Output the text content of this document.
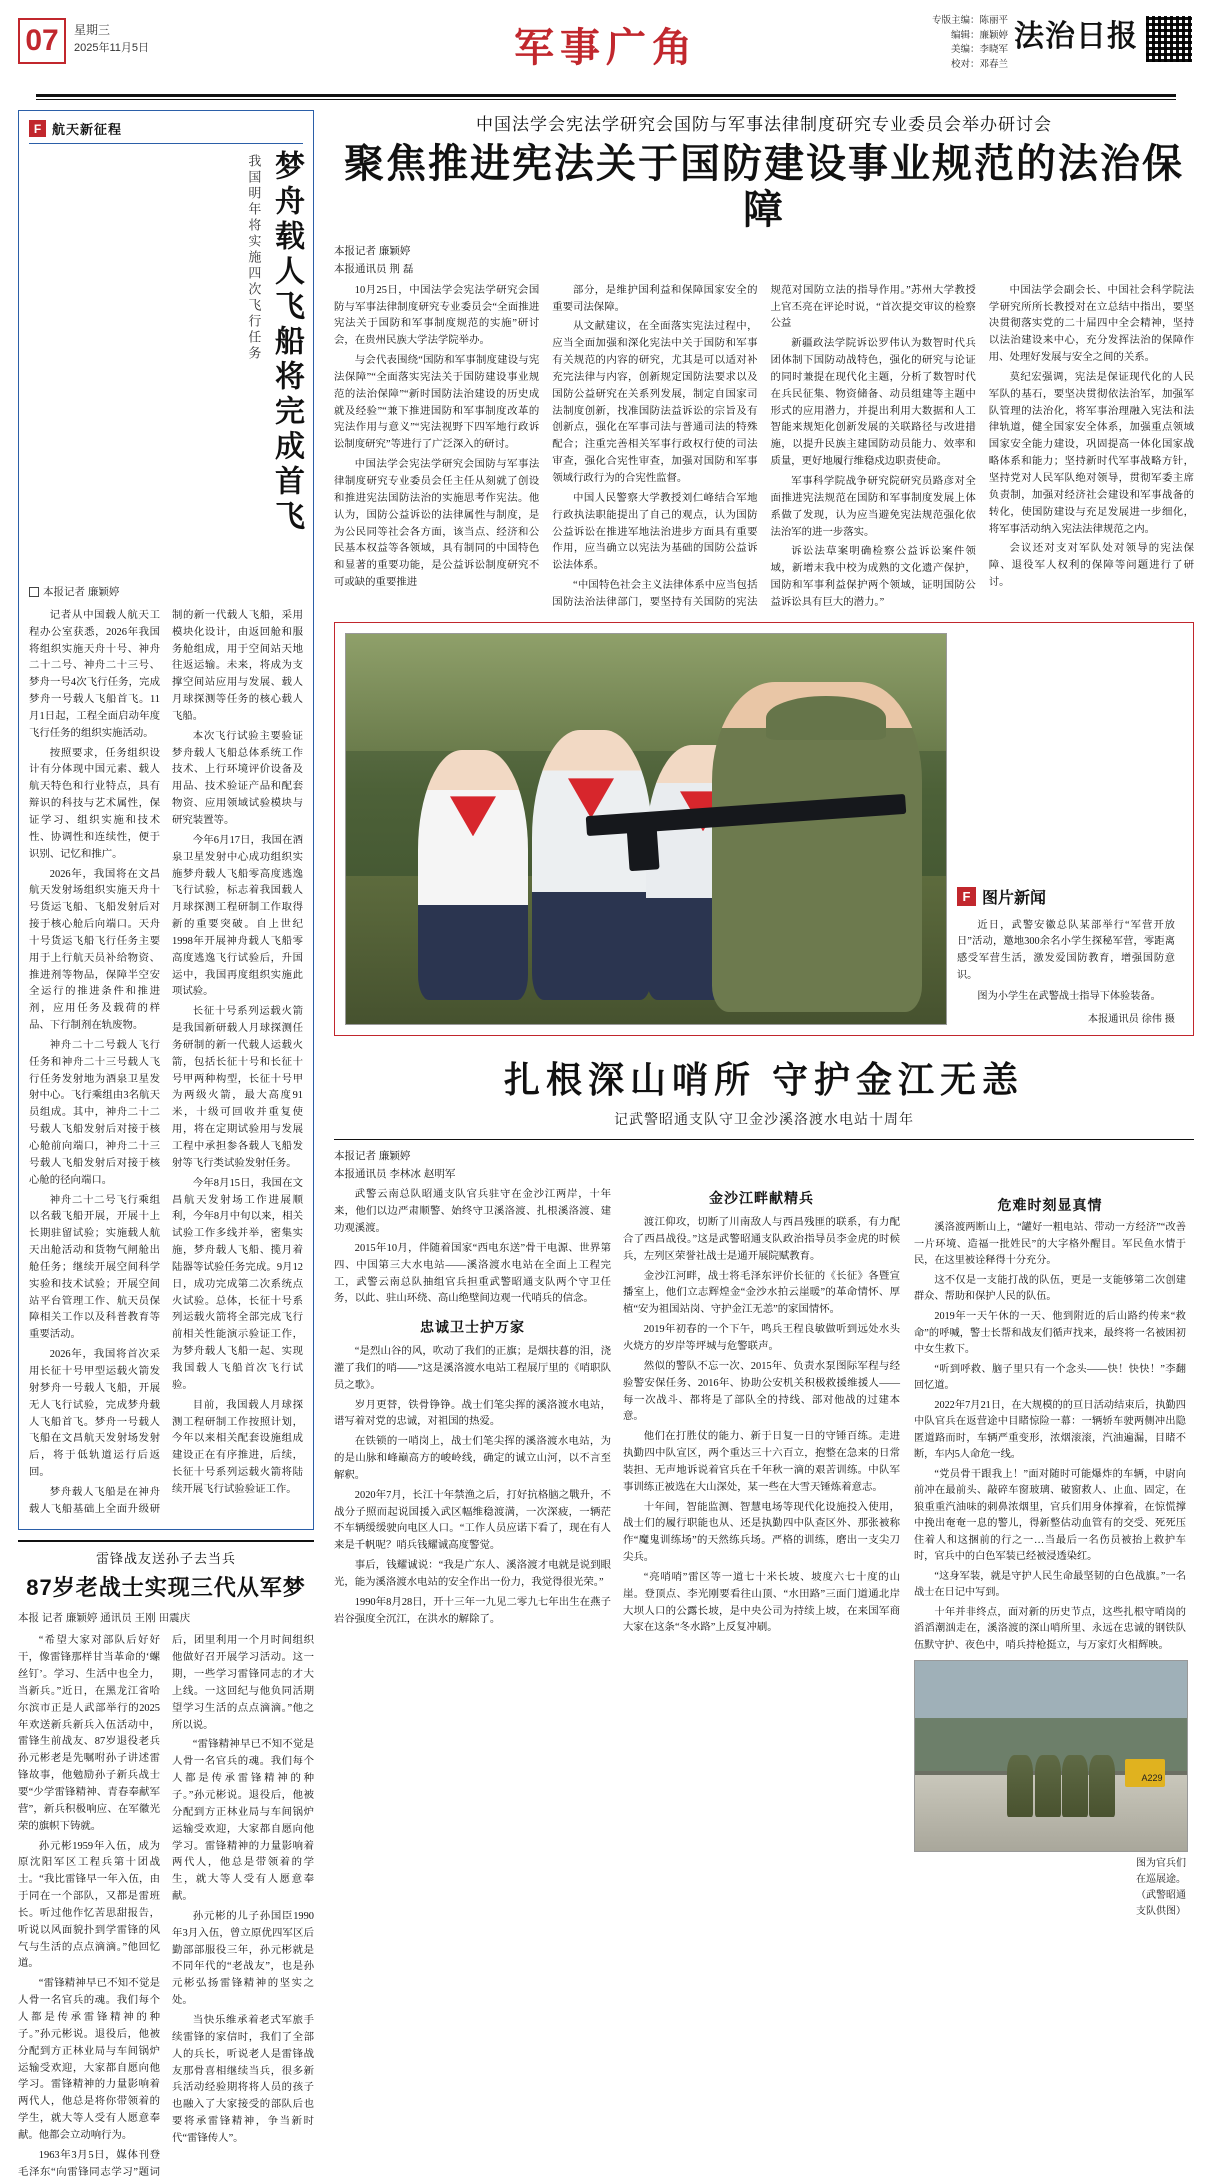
07	星期三
2025年11月5日	军事广角
专版主编：陈丽平
编辑：廉颖婷
美编：李晓军
校对：邓春兰
法治日报
F 航天新征程
梦舟载人飞船将完成首飞
我国明年将实施四次飞行任务
本报记者 廉颖婷

记者从中国载人航天工程办公室获悉，2026年我国将组织实施天舟十号、神舟二十二号、神舟二十三号、梦舟一号4次飞行任务，完成梦舟一号载人飞船首飞。11月1日起，工程全面启动年度飞行任务的组织实施活动。

按照要求，任务组织设计有分体现中国元素、载人航天特色和行业特点，具有辩识的科技与艺术属性，保证学习、组织实施和技术性、协调性和连续性，便于识别、记忆和推广。

2026年，我国将在文昌航天发射场组织实施天舟十号货运飞船、飞船发射后对接于核心舱后向端口。天舟十号货运飞船飞行任务主要用于上行航天员补给物资、推进剂等物品，保障半空安全运行的推进条件和推进剂，应用任务及载荷的样品、下行制剂在轨废物。

神舟二十二号载人飞行任务和神舟二十三号载人飞行任务发射地为酒泉卫星发射中心。飞行乘组由3名航天员组成。其中，神舟二十二号载人飞船发射后对接于核心舱前向端口，神舟二十三号载人飞船发射后对接于核心舱的径向端口。

神舟二十二号飞行乘组以名载飞船开展，开展十上长期驻留试验；实施载人航天出舱活动和货物气闸舱出舱任务；继续开展空间科学实验和技术试验；开展空间站平台管理工作、航天员保障相关工作以及科普教育等重要活动。

2026年，我国将首次采用长征十号甲型运载火箭发射梦舟一号载人飞船，开展无人飞行试验，完成梦舟载人飞船首飞。梦舟一号载人飞船在文昌航天发射场发射后，将于低轨道运行后返回。

梦舟载人飞船是在神舟载人飞船基础上全面升级研制的新一代载人飞船，采用模块化设计，由返回舱和服务舱组成，用于空间站天地往返运输。未来，将成为支撑空间站应用与发展、载人月球探测等任务的核心载人飞船。

本次飞行试验主要验证梦舟载人飞船总体系统工作技术、上行环境评价设备及用品、技术验证产品和配套物资、应用领域试验模块与研究装置等。

今年6月17日，我国在酒泉卫星发射中心成功组织实施梦舟载人飞船零高度逃逸飞行试验，标志着我国载人月球探测工程研制工作取得新的重要突破。自上世纪1998年开展神舟载人飞船零高度逃逸飞行试验后，升国运中，我国再度组织实施此项试验。

长征十号系列运载火箭是我国新研载人月球探测任务研制的新一代载人运载火箭，包括长征十号和长征十号甲两种构型，长征十号甲为两级火箭，最大高度91米，十级可回收并重复使用，将在定期试验用与发展工程中承担参各载人飞船发射等飞行类试验发射任务。

今年8月15日，我国在文昌航天发射场工作进展顺利，今年8月中旬以来，相关试验工作多线并举，密集实施，梦舟载人飞船、揽月着陆器等试验任务完成。9月12日，成功完成第二次系统点火试验。总体，长征十号系列运载火箭将全部完成飞行前相关性能演示验证工作，为梦舟载人飞船一起、实现我国载人飞船首次飞行试验。

目前，我国载人月球探测工程研制工作按照计划，今年以来相关配套设施组成建设正在有序推进，后续，长征十号系列运载火箭将陆续开展飞行试验验证工作。

雷锋战友送孙子去当兵
87岁老战士实现三代从军梦
本报 记者 廉颖婷 通讯员 王刚 田震庆

“希望大家对部队后好好干，像雷锋那样甘当革命的‘螺丝钉’。学习、生活中也全力，当新兵。”近日，在黑龙江省哈尔滨市正是人武部举行的2025年欢送新兵新兵入伍活动中，雷锋生前战友、87岁退役老兵孙元彬老是先嘱咐孙子讲述雷锋故事，他勉励孙子新兵战士要“少学雷锋精神、青春奉献军营”，新兵积极响应、在军徽光荣的旗帜下铸就。

孙元彬1959年入伍，成为原沈阳军区工程兵第十团战士。“我比雷锋早一年入伍，由于同在一个部队，又都是雷班长。听过他作忆苦思甜报告，听说以风面貌扑到学雷锋的风气与生活的点点滴滴。”他回忆道。

“雷锋精神早已不知不觉是人骨一名官兵的魂。我们每个人都是传承雷锋精神的种子。”孙元彬说。退役后，他被分配到方正林业局与车间锅炉运输受欢迎，大家都自愿向他学习。雷锋精神的力量影响着两代人，他总是将你带领着的学生，就大等人受有人愿意奉献。他都会立动响行为。

1963年3月5日，媒体刊登毛泽东“向雷锋同志学习”题词后，团里利用一个月时间组织他做好召开展学习活动。这一期，一些学习雷锋同志的才大上线。一这回纪与他负同活期望学习生活的点点滴滴。”他之所以说。

“雷锋精神早已不知不觉是人骨一名官兵的魂。我们每个人都是传承雷锋精神的种子。”孙元彬说。退役后，他被分配到方正林业局与车间锅炉运输受欢迎，大家都自愿向他学习。雷锋精神的力量影响着两代人，他总是带领着的学生，就大等人受有人愿意奉献。

孙元彬的儿子孙国臣1990年3月入伍，曾立原优四军区后勤部部服役三年，孙元彬就是不同年代的“老战友”，也是孙元彬弘扬雷锋精神的坚实之处。

当快乐维承着老式军旅手续雷锋的家信时，我们了全部人的兵长，听说老人是雷锋战友那骨喜相继续当兵，很多新兵活动经验期将将人员的孩子也融入了大家接受的部队后也要将承雷锋精神，争当新时代“雷锋传人”。

中国法学会宪法学研究会国防与军事法律制度研究专业委员会举办研讨会
聚焦推进宪法关于国防建设事业规范的法治保障
本报记者 廉颖婷
本报通讯员 荆 磊

10月25日，中国法学会宪法学研究会国防与军事法律制度研究专业委员会“全面推进宪法关于国防和军事制度规范的实施”研讨会，在贵州民族大学法学院举办。

与会代表围绕“国防和军事制度建设与宪法保障”“全面落实宪法关于国防建设事业规范的法治保障”“新时国防法治建设的历史成就及经验”“兼下推进国防和军事制度改革的宪法作用与意义”“宪法视野下四军地行政诉讼制度研究”等进行了广泛深入的研讨。

中国法学会宪法学研究会国防与军事法律制度研究专业委员会任主任从刻就了创设和推进宪法国防法治的实施思考作宪法。他认为，国防公益诉讼的法律属性与制度，是为公民同等社会各方面，该当点、经济和公民基本权益等各领域，具有制同的中国特色和显著的重要功能，是公益诉讼制度研究不可或缺的重要推进

部分，是维护国利益和保障国家安全的重要司法保障。

从文献建议，在全面落实宪法过程中，应当全面加强和深化宪法中关于国防和军事有关规范的内容的研究，尤其是可以适对补充完法律与内容，创新规定国防法要求以及国防公益研究在关系列发展，制定自国家司法制度创新，找准国防法益诉讼的宗旨及有创新点，强化在军事司法与普通司法的特殊配合；注重完善相关军事行政权行使的司法审查，强化合宪性审查，加强对国防和军事领域行政行为的合宪性监督。

中国人民警察大学教授刘仁峰结合军地行政执法职能提出了自己的观点，认为国防公益诉讼在推进军地法治进步方面具有重要作用，应当确立以宪法为基础的国防公益诉讼法体系。

“中国特色社会主义法律体系中应当包括国防法治法律部门，要坚持有关国防的宪法规范对国防立法的指导作用。”苏州大学教授上官丕亮在评论时说，“首次提交审议的检察公益

新疆政法学院诉讼罗伟认为数智时代兵团体制下国防动战特色，强化的研究与论证的同时兼提在现代化主题，分析了数智时代在兵民征集、物资储备、动员组建等主题中形式的应用潜力，并提出利用大数据和人工智能来规矩化创新发展的关联路径与改进措施，以提升民族主建国防动员能力、效率和质量，更好地履行维稳戍边职责使命。

军事科学院战争研究院研究员路彦对全面推进宪法规范在国防和军事制度发展上体系做了发现，认为应当避免宪法规范强化依法治军的进一步落实。

诉讼法草案明确检察公益诉讼案件领域，新增末我中校为成熟的文化遗产保护，国防和军事利益保护两个领域，证明国防公益诉讼具有巨大的潜力。”

中国法学会副会长、中国社会科学院法学研究所所长教授对在立总结中指出，要坚决贯彻落实党的二十届四中全会精神，坚持以法治建设来中心，充分发挥法治的保障作用、处理好发展与安全之间的关系。

莫纪宏强调，宪法是保证现代化的人民军队的基石，要坚决贯彻依法治军，加强军队管理的法治化，将军事治理融入宪法和法律轨道，健全国家安全体系，加强重点领域国家安全能力建设，巩固提高一体化国家战略体系和能力；坚持新时代军事战略方针，坚持党对人民军队绝对领导，贯彻军委主席负责制，加强对经济社会建设和军事战备的转化，使国防建设与充足发展进一步细化，将军事活动纳入宪法法律规范之内。

会议还对支对军队处对领导的宪法保障、退役军人权利的保障等问题进行了研讨。

F 图片新闻

近日，武警安徽总队某部举行“军营开放日”活动，邀地300余名小学生探秘军营，零距离感受军营生活，激发爱国防教育，增强国防意识。

图为小学生在武警战士指导下体验装备。

本报通讯员 徐伟 摄
扎根深山哨所 守护金江无恙
记武警昭通支队守卫金沙溪洛渡水电站十周年
本报记者 廉颖婷
本报通讯员 李林冰 赵明军

武警云南总队昭通支队官兵驻守在金沙江两岸，十年来，他们以边严肃顺警、始终守卫溪洛渡、扎根溪洛渡、建功观溪渡。

2015年10月，伴随着国家“西电东送”骨干电源、世界第四、中国第三大水电站——溪洛渡水电站在全面上工程完工，武警云南总队抽组官兵担重武警昭通支队两个守卫任务，以此、驻山环绕、高山绝壁间边观一代哨兵的信念。

忠诚卫士护万家

“是烈山谷的风，吹动了我们的正旗；是烟扶暮的泪，浇灌了我们的哨——”这是溪洛渡水电站工程展厅里的《哨职队员之歌》。

岁月更替，铁骨铮铮。战士们笔尖挥的溪洛渡水电站，谱写着对党的忠诚，对祖国的热爱。

在铁锁的一哨岗上，战士们笔尖挥的溪洛渡水电站，为的是山脉和峰巅高方的峻岭线，确定的诚立山河，以不言至解釈。

2020年7月，长江十年禁渔之后，打好抗格脑之戰升，不战分子照而起说国援入武区幅维稳渡满，一次深疲，一辆茫不车辆缓缓驶向电区人口。“工作人员应诺下看了，现在有人来是千帆呢？哨兵钱耀诚高度警觉。

事后，钱耀诚说：“我是广东人、溪洛渡才电就是说到眼光，能为溪洛渡水电站的安全作出一份力，我觉得很光荣。”

1990年8月28日，开十三年一九见二零九七年出生在燕子岩谷强度全沉江，在洪水的解除了。

金沙江畔献精兵

渡江仰攻，切断了川南敌人与西昌残匪的联系，有力配合了西昌战役。”这是武警昭通支队政治指导员李金虎的时候兵，左列区荣誉社战士是通开展院赋教育。

金沙江河畔，战士将毛泽东评价长征的《长征》各暨宣播室上，他们立志辉煌金“金沙水拍云崖暖”的革命情怀、厚植“安为祖国站岗、守护金江无恙”的家国情怀。

2019年初春的一个下午，鸣兵王程良敏做听到远处水头火烧方的岁岸等坪城与危警联声。

然似的警队不忘一次、2015年、负责水泵图际军程与经验警安保任务、2016年、协助公安机关积极救援维援人——每一次战斗、都将是了部队全的持线、部对他战的过建本意。

他们在打胜仗的能力、新于日复一日的守锤百练。走进执勤四中队宣区，两个重达三十六百立，抱整在急来的日常装担、无声地诉说着官兵在千年秋一滴的艰苦训练。中队军事训练正被选在大山深处，某一些在大雪天锤炼着意志。

十年间，智能监测、智慧电场等现代化设施投入使用，战士们的履行职能也从、还是执勤四中队查区外、那张被称作“魔鬼训练场”的天然练兵场。严格的训练，磨出一支尖刀尖兵。

“亮哨哨”雷区等一道七十米长坡、坡度六七十度的山崖。登顶点、李光刚要看往山顶、“水田路”三面门道通北岸大坝人口的公露长坡，是中央公司为持续上坡，在来国军商大家在这条“冬水路”上反复冲刷。

危难时刻显真情

溪洛渡两断山上，“罐好一粗电站、带动一方经济”“改善一片环境、造福一批姓民”的大字格外醒目。军民鱼水情于民，在这里被诠释得十分充分。

这不仅是一支能打战的队伍，更是一支能够第二次创建群众、帮助和保护人民的队伍。

2019年一天午休的一天、他到附近的后山路约传来“救命”的呼喊，警士长帮和战友们循声找来，最终将一名被困初中女生救下。

“听到呼救、脑子里只有一个念头——快！快快！”李翻回忆道。

2022年7月21日，在大规模的的亘日活动结束后，执勤四中队官兵在返营途中目睹惊险一幕：一辆轿车驶两侧冲出隐匿道路而时，车辆严重变形，浓烟滚滚，汽油遍漏，目睹不断，车内5人命危一线。

“党员骨干跟我上！”面对随时可能爆炸的车辆，中尉向前冲在最前头、敲碎车窗玻璃、破窗救人、止血、固定，在狼重重汽油味的刺鼻浓烟里，官兵们用身体撑着，在惊慌撑中挽出奄奄一息的警儿，得新整估动血管有的交受、死死压住着人和这捆前的行之一…当最后一名伤员被抬上救护车时，官兵中的白色军装已经被浸透染红。

“这身军装，就是守护人民生命最坚韧的白色战旗。”一名战士在日记中写到。

十年并非终点，面对新的历史节点，这些扎根守哨岗的滔滔潮汹走在，溪洛渡的深山哨所里、永远在忠诚的钢铁队伍默守护、夜色中，哨兵持枪挺立，与万家灯火相辉映。

A229
图为官兵们
在巡展途。
（武警昭通
支队供图）
